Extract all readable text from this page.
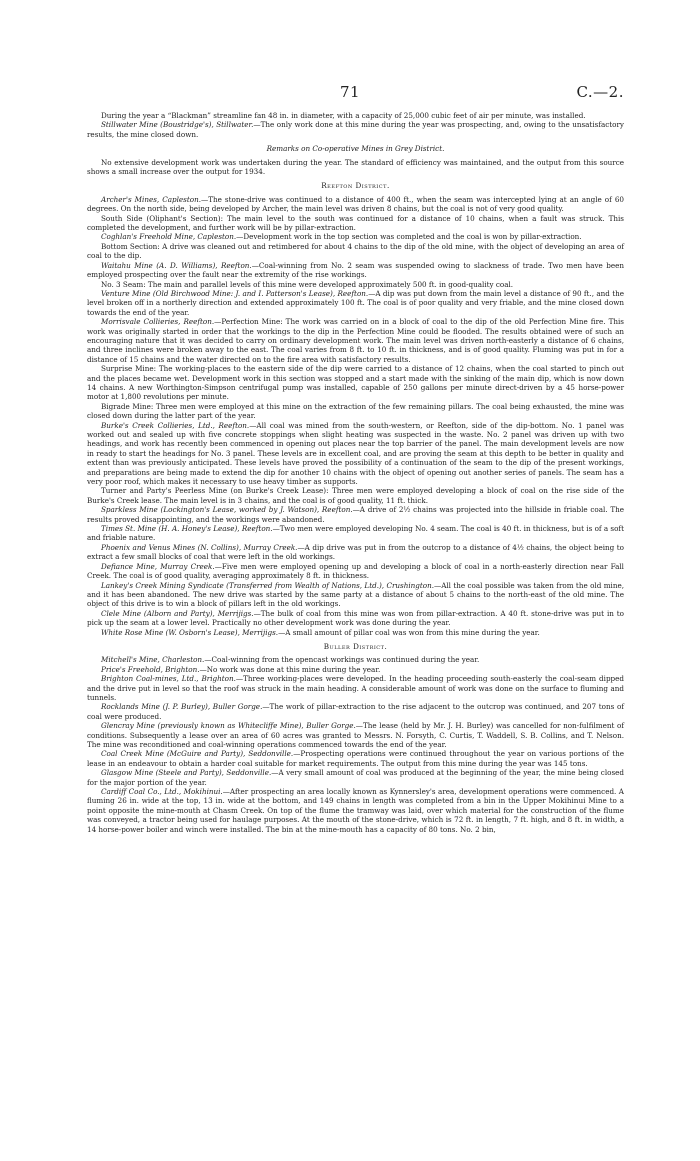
71	C.—2.

During the year a “Blackman” streamline fan 48 in. in diameter, with a capacity of 25,000 cubic feet of air per minute, was installed.

Stillwater Mine (Boustridge's), Stillwater.—The only work done at this mine during the year was prospecting, and, owing to the unsatisfactory results, the mine closed down.

Remarks on Co-operative Mines in Grey District.

No extensive development work was undertaken during the year. The standard of efficiency was maintained, and the output from this source shows a small increase over the output for 1934.

Reefton District.

Archer's Mines, Capleston.—The stone-drive was continued to a distance of 400 ft., when the seam was intercepted lying at an angle of 60 degrees. On the north side, being developed by Archer, the main level was driven 8 chains, but the coal is not of very good quality.

South Side (Oliphant's Section): The main level to the south was continued for a distance of 10 chains, when a fault was struck. This completed the development, and further work will be by pillar-extraction.

Coghlan's Freehold Mine, Capleston.—Development work in the top section was completed and the coal is won by pillar-extraction.

Bottom Section: A drive was cleaned out and retimbered for about 4 chains to the dip of the old mine, with the object of developing an area of coal to the dip.

Waitahu Mine (A. D. Williams), Reefton.—Coal-winning from No. 2 seam was suspended owing to slackness of trade. Two men have been employed prospecting over the fault near the extremity of the rise workings.

No. 3 Seam: The main and parallel levels of this mine were developed approximately 500 ft. in good-quality coal.

Venture Mine (Old Birchwood Mine: J. and I. Patterson's Lease), Reefton.—A dip was put down from the main level a distance of 90 ft., and the level broken off in a northerly direction and extended approximately 100 ft. The coal is of poor quality and very friable, and the mine closed down towards the end of the year.

Morrisvale Collieries, Reefton.—Perfection Mine: The work was carried on in a block of coal to the dip of the old Perfection Mine fire. This work was originally started in order that the workings to the dip in the Perfection Mine could be flooded. The results obtained were of such an encouraging nature that it was decided to carry on ordinary development work. The main level was driven north-easterly a distance of 6 chains, and three inclines were broken away to the east. The coal varies from 8 ft. to 10 ft. in thickness, and is of good quality. Fluming was put in for a distance of 15 chains and the water directed on to the fire area with satisfactory results.

Surprise Mine: The working-places to the eastern side of the dip were carried to a distance of 12 chains, when the coal started to pinch out and the places became wet. Development work in this section was stopped and a start made with the sinking of the main dip, which is now down 14 chains. A new Worthington-Simpson centrifugal pump was installed, capable of 250 gallons per minute direct-driven by a 45 horse-power motor at 1,800 revolutions per minute.

Bigrade Mine: Three men were employed at this mine on the extraction of the few remaining pillars. The coal being exhausted, the mine was closed down during the latter part of the year.

Burke's Creek Collieries, Ltd., Reefton.—All coal was mined from the south-western, or Reefton, side of the dip-bottom. No. 1 panel was worked out and sealed up with five concrete stoppings when slight heating was suspected in the waste. No. 2 panel was driven up with two headings, and work has recently been commenced in opening out places near the top barrier of the panel. The main development levels are now in ready to start the headings for No. 3 panel. These levels are in excellent coal, and are proving the seam at this depth to be better in quality and extent than was previously anticipated. These levels have proved the possibility of a continuation of the seam to the dip of the present workings, and preparations are being made to extend the dip for another 10 chains with the object of opening out another series of panels. The seam has a very poor roof, which makes it necessary to use heavy timber as supports.

Turner and Party's Peerless Mine (on Burke's Creek Lease): Three men were employed developing a block of coal on the rise side of the Burke's Creek lease. The main level is in 3 chains, and the coal is of good quality, 11 ft. thick.

Sparkless Mine (Lockington's Lease, worked by J. Watson), Reefton.—A drive of 2½ chains was projected into the hillside in friable coal. The results proved disappointing, and the workings were abandoned.

Times St. Mine (H. A. Honey's Lease), Reefton.—Two men were employed developing No. 4 seam. The coal is 40 ft. in thickness, but is of a soft and friable nature.

Phoenix and Venus Mines (N. Collins), Murray Creek.—A dip drive was put in from the outcrop to a distance of 4½ chains, the object being to extract a few small blocks of coal that were left in the old workings.

Defiance Mine, Murray Creek.—Five men were employed opening up and developing a block of coal in a north-easterly direction near Fall Creek. The coal is of good quality, averaging approximately 8 ft. in thickness.

Lankey's Creek Mining Syndicate (Transferred from Wealth of Nations, Ltd.), Crushington.—All the coal possible was taken from the old mine, and it has been abandoned. The new drive was started by the same party at a distance of about 5 chains to the north-east of the old mine. The object of this drive is to win a block of pillars left in the old workings.

Clele Mine (Alborn and Party), Merrijigs.—The bulk of coal from this mine was won from pillar-extraction. A 40 ft. stone-drive was put in to pick up the seam at a lower level. Practically no other development work was done during the year.

White Rose Mine (W. Osborn's Lease), Merrijigs.—A small amount of pillar coal was won from this mine during the year.

Buller District.

Mitchell's Mine, Charleston.—Coal-winning from the opencast workings was continued during the year.

Price's Freehold, Brighton.—No work was done at this mine during the year.

Brighton Coal-mines, Ltd., Brighton.—Three working-places were developed. In the heading proceeding south-easterly the coal-seam dipped and the drive put in level so that the roof was struck in the main heading. A considerable amount of work was done on the surface to fluming and tunnels.

Rocklands Mine (J. P. Burley), Buller Gorge.—The work of pillar-extraction to the rise adjacent to the outcrop was continued, and 207 tons of coal were produced.

Glencray Mine (previously known as Whitecliffe Mine), Buller Gorge.—The lease (held by Mr. J. H. Burley) was cancelled for non-fulfilment of conditions. Subsequently a lease over an area of 60 acres was granted to Messrs. N. Forsyth, C. Curtis, T. Waddell, S. B. Collins, and T. Nelson. The mine was reconditioned and coal-winning operations commenced towards the end of the year.

Coal Creek Mine (McGuire and Party), Seddonville.—Prospecting operations were continued throughout the year on various portions of the lease in an endeavour to obtain a harder coal suitable for market requirements. The output from this mine during the year was 145 tons.

Glasgow Mine (Steele and Party), Seddonville.—A very small amount of coal was produced at the beginning of the year, the mine being closed for the major portion of the year.

Cardiff Coal Co., Ltd., Mokihinui.—After prospecting an area locally known as Kynnersley's area, development operations were commenced. A fluming 26 in. wide at the top, 13 in. wide at the bottom, and 149 chains in length was completed from a bin in the Upper Mokihinui Mine to a point opposite the mine-mouth at Chasm Creek. On top of the flume the tramway was laid, over which material for the construction of the flume was conveyed, a tractor being used for haulage purposes. At the mouth of the stone-drive, which is 72 ft. in length, 7 ft. high, and 8 ft. in width, a 14 horse-power boiler and winch were installed. The bin at the mine-mouth has a capacity of 80 tons. No. 2 bin,
